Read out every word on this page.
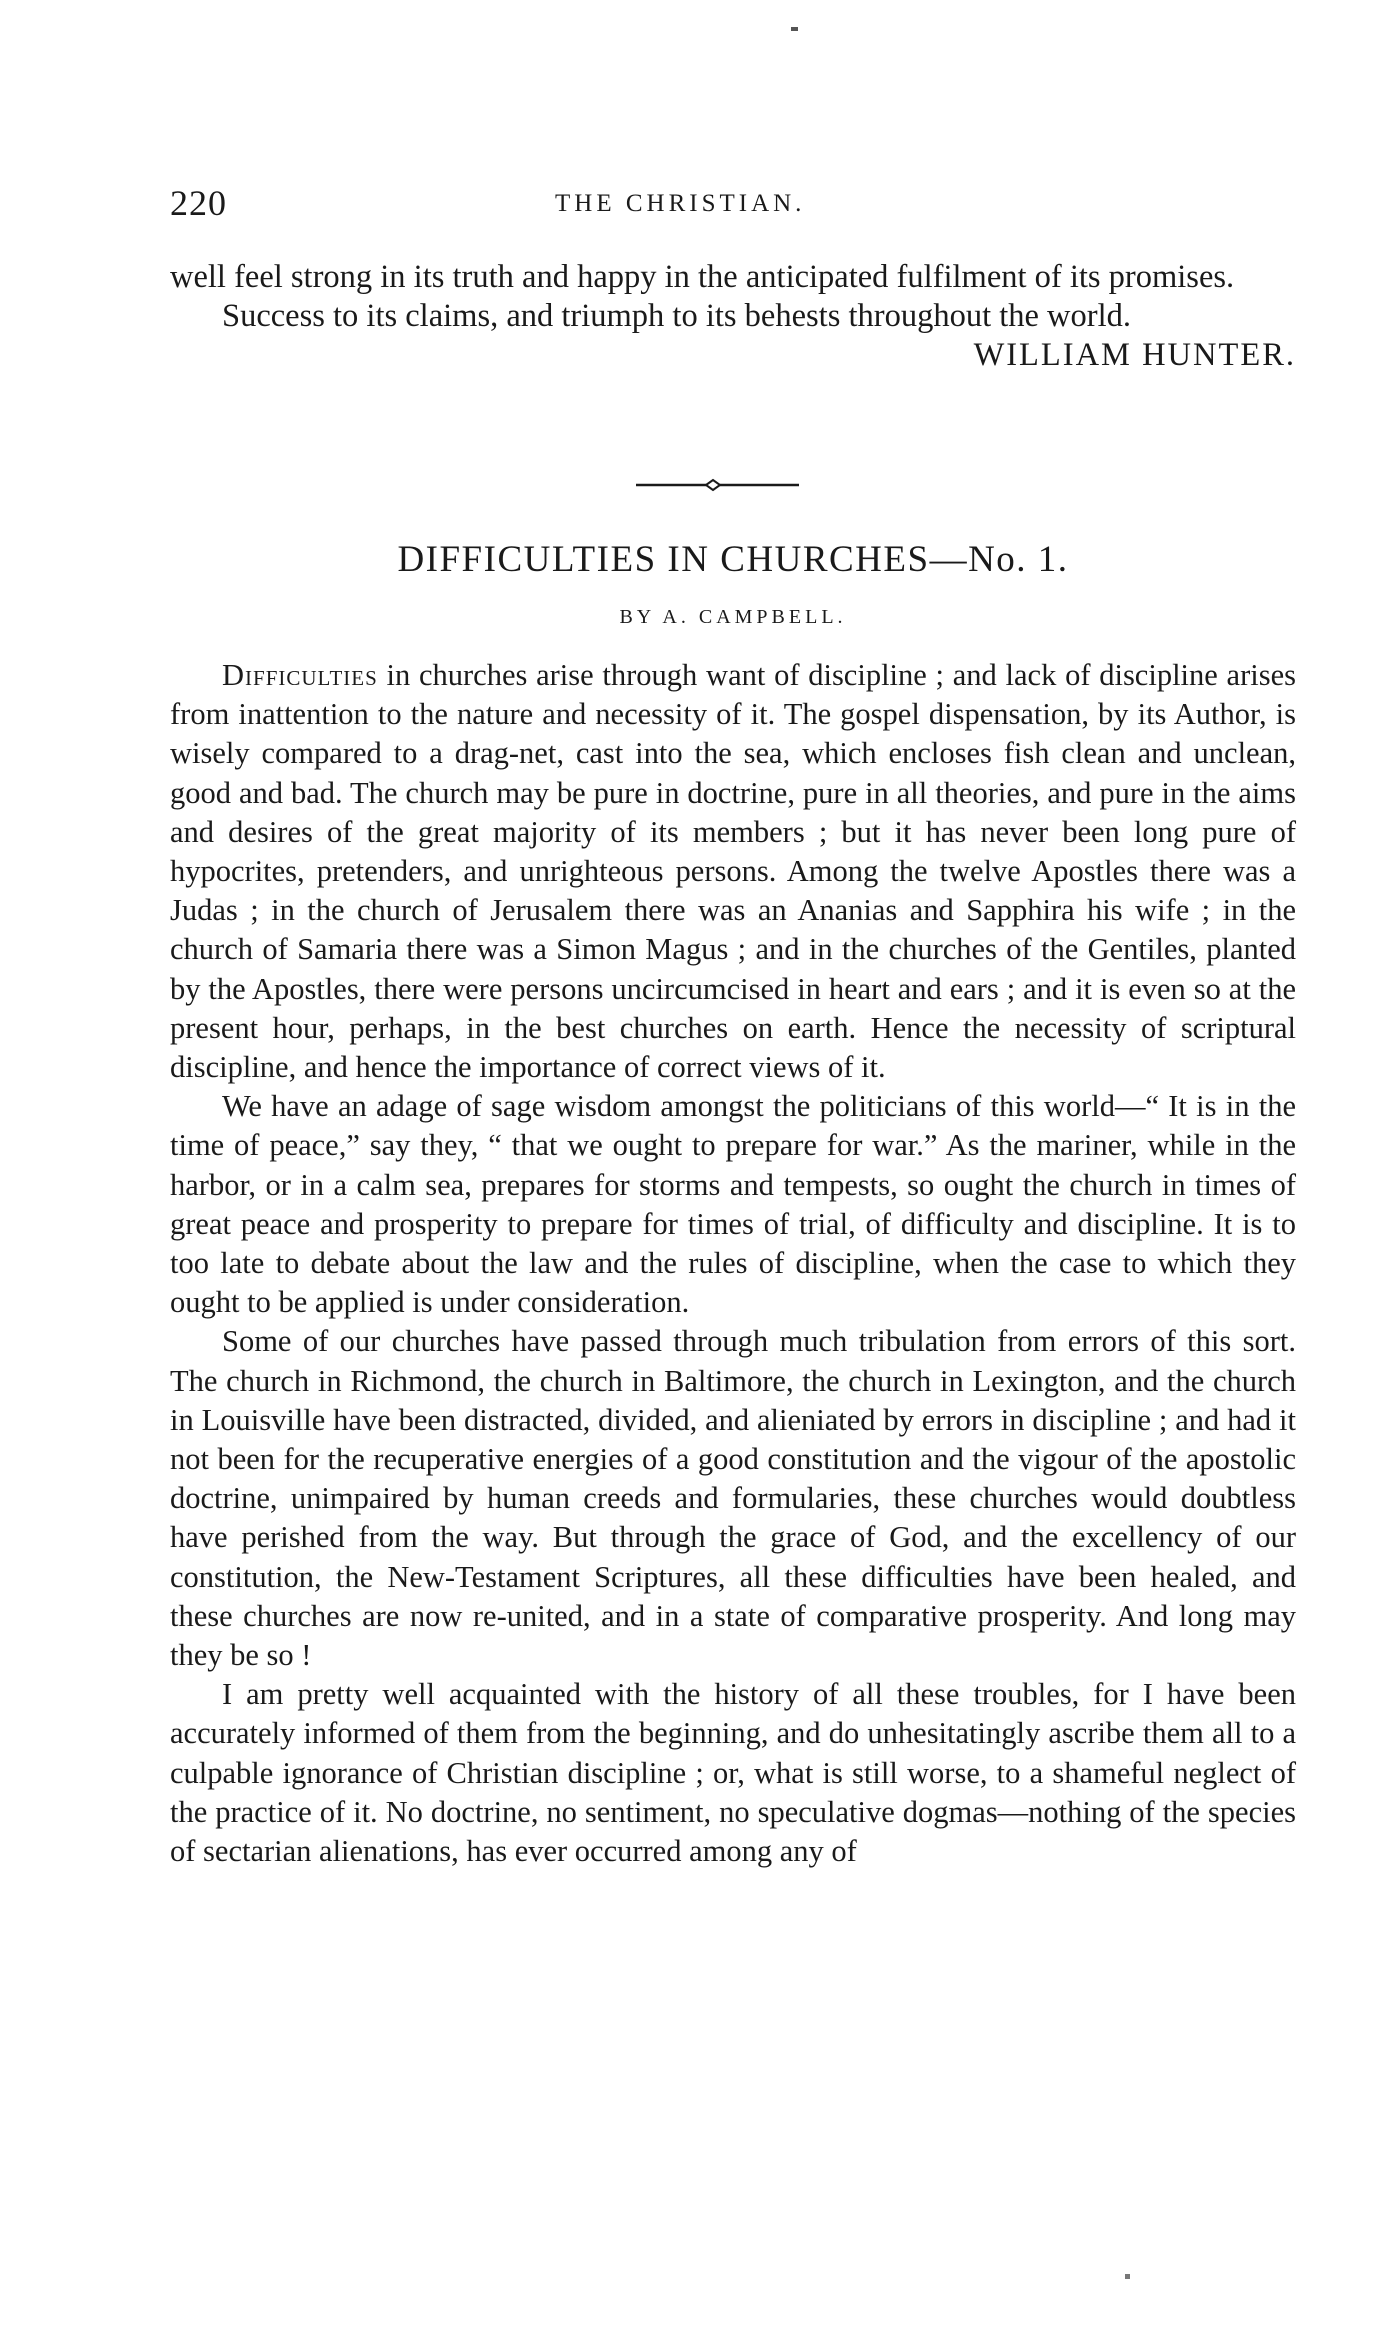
220	THE CHRISTIAN.

well feel strong in its truth and happy in the anticipated fulfilment of its promises.

Success to its claims, and triumph to its behests throughout the world.
WILLIAM HUNTER.

DIFFICULTIES IN CHURCHES—No. 1.
BY A. CAMPBELL.

Difficulties in churches arise through want of discipline ; and lack of discipline arises from inattention to the nature and necessity of it. The gospel dispensation, by its Author, is wisely compared to a drag-net, cast into the sea, which encloses fish clean and unclean, good and bad. The church may be pure in doctrine, pure in all theories, and pure in the aims and desires of the great majority of its members ; but it has never been long pure of hypocrites, pretenders, and unrighteous persons. Among the twelve Apostles there was a Judas ; in the church of Jerusalem there was an Ananias and Sapphira his wife ; in the church of Samaria there was a Simon Magus ; and in the churches of the Gentiles, planted by the Apostles, there were persons uncircumcised in heart and ears ; and it is even so at the present hour, perhaps, in the best churches on earth. Hence the necessity of scriptural discipline, and hence the importance of correct views of it.

We have an adage of sage wisdom amongst the politicians of this world—“ It is in the time of peace,” say they, “ that we ought to prepare for war.” As the mariner, while in the harbor, or in a calm sea, prepares for storms and tempests, so ought the church in times of great peace and prosperity to prepare for times of trial, of difficulty and discipline. It is to too late to debate about the law and the rules of discipline, when the case to which they ought to be applied is under consideration.

Some of our churches have passed through much tribulation from errors of this sort. The church in Richmond, the church in Baltimore, the church in Lexington, and the church in Louisville have been distracted, divided, and alieniated by errors in discipline ; and had it not been for the recuperative energies of a good constitution and the vigour of the apostolic doctrine, unimpaired by human creeds and formularies, these churches would doubtless have perished from the way. But through the grace of God, and the excellency of our constitution, the New-Testament Scriptures, all these difficulties have been healed, and these churches are now re-united, and in a state of comparative prosperity. And long may they be so !

I am pretty well acquainted with the history of all these troubles, for I have been accurately informed of them from the beginning, and do unhesitatingly ascribe them all to a culpable ignorance of Christian discipline ; or, what is still worse, to a shameful neglect of the practice of it. No doctrine, no sentiment, no speculative dogmas—nothing of the species of sectarian alienations, has ever occurred among any of
